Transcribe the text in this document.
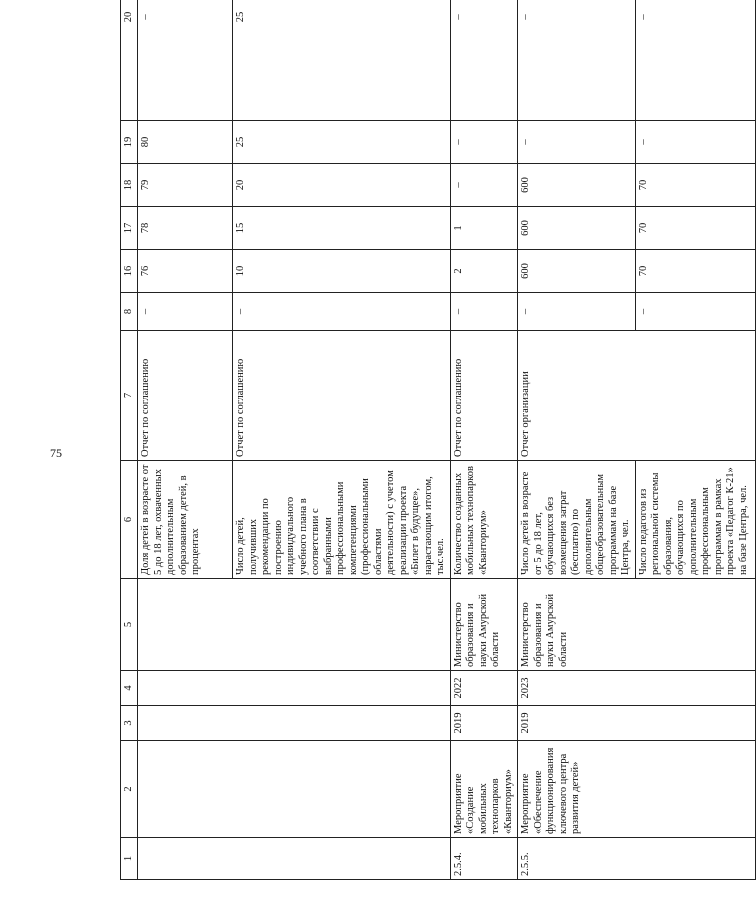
75
1	2	3	4	5	6	7	8	16	17	18	19	20
					Доля детей в возрасте от 5 до 18 лет, охваченных дополнительным образованием детей, в процентах	Отчет по соглашению	–	76	78	79	80	–
					Число детей, получивших рекомендации по построению индивидуального учебного плана в соответствии с выбранными профессиональными компетенциями (профессиональными областями деятельности) с учетом реализации проекта «Билет в будущее», нарастающим итогом, тыс.чел.	Отчет по соглашению	–	10	15	20	25	25
2.5.4.	Мероприятие «Создание мобильных технопарков «Кванториум»	2019	2022	Министерство образования и науки Амурской области	Количество созданных мобильных технопарков «Кванториум»	Отчет по соглашению	–	2	1	–	–	–
2.5.5.	Мероприятие «Обеспечение функционирования ключевого центра развития детей»	2019	2023	Министерство образования и науки Амурской области	Число детей в возрасте от 5 до 18 лет, обучающихся без возмещения затрат (бесплатно) по дополнительным общеобразовательным программам на базе Центра, чел.	Отчет организации	–	600	600	600	–	–
					Число педагогов из региональной системы образования, обучающихся по дополнительным профессиональным программам в рамках проекта «Педагог К-21» на базе Центра, чел.		–	70	70	70	–	–
